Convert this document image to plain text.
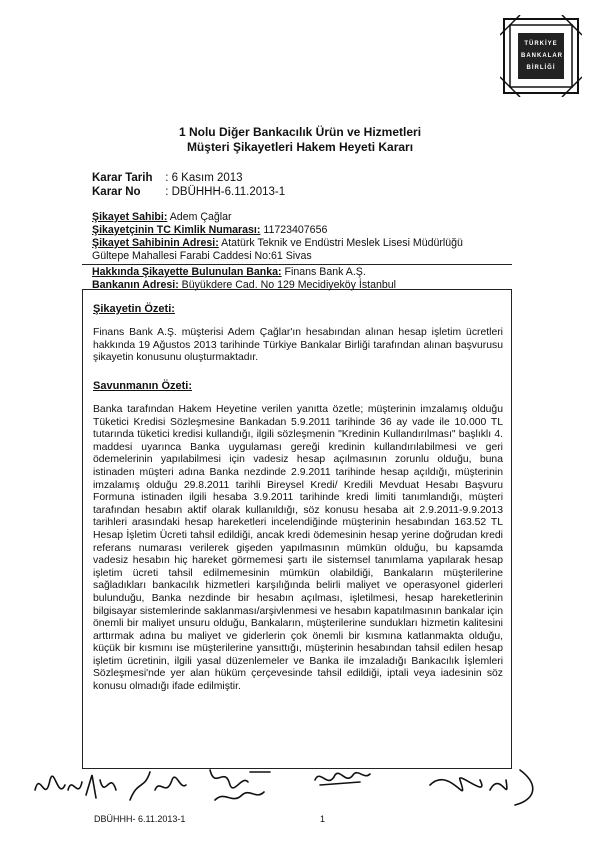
TÜRKİYE
BANKALAR
BİRLİĞİ
1 Nolu Diğer Bankacılık Ürün ve Hizmetleri
Müşteri Şikayetleri Hakem Heyeti Kararı
Karar Tarih : 6 Kasım 2013
Karar No : DBÜHHH-6.11.2013-1
Şikayet Sahibi: Adem Çağlar
Şikayetçinin TC Kimlik Numarası: 11723407656
Şikayet Sahibinin Adresi: Atatürk Teknik ve Endüstri Meslek Lisesi Müdürlüğü
Gültepe Mahallesi Farabi Caddesi No:61 Sivas
Hakkında Şikayette Bulunulan Banka: Finans Bank A.Ş.
Bankanın Adresi: Büyükdere Cad. No 129 Mecidiyeköy İstanbul
Şikayetin Özeti:
Finans Bank A.Ş. müşterisi Adem Çağlar'ın hesabından alınan hesap işletim ücretleri hakkında 19 Ağustos 2013 tarihinde Türkiye Bankalar Birliği tarafından alınan başvurusu şikayetin konusunu oluşturmaktadır.
Savunmanın Özeti:
Banka tarafından Hakem Heyetine verilen yanıtta özetle; müşterinin imzalamış olduğu Tüketici Kredisi Sözleşmesine Bankadan 5.9.2011 tarihinde 36 ay vade ile 10.000 TL tutarında tüketici kredisi kullandığı, ilgili sözleşmenin "Kredinin Kullandırılması" başlıklı 4. maddesi uyarınca Banka uygulaması gereği kredinin kullandırılabilmesi ve geri ödemelerinin yapılabilmesi için vadesiz hesap açılmasının zorunlu olduğu, buna istinaden müşteri adına Banka nezdinde 2.9.2011 tarihinde hesap açıldığı, müşterinin imzalamış olduğu 29.8.2011 tarihli Bireysel Kredi/ Kredili Mevduat Hesabı Başvuru Formuna istinaden ilgili hesaba 3.9.2011 tarihinde kredi limiti tanımlandığı, müşteri tarafından hesabın aktif olarak kullanıldığı, söz konusu hesaba ait 2.9.2011-9.9.2013 tarihleri arasındaki hesap hareketleri incelendiğinde müşterinin hesabından 163.52 TL Hesap İşletim Ücreti tahsil edildiği, ancak kredi ödemesinin hesap yerine doğrudan kredi referans numarası verilerek gişeden yapılmasının mümkün olduğu, bu kapsamda vadesiz hesabın hiç hareket görmemesi şartı ile sistemsel tanımlama yapılarak hesap işletim ücreti tahsil edilmemesinin mümkün olabildiği, Bankaların müşterilerine sağladıkları bankacılık hizmetleri karşılığında belirli maliyet ve operasyonel giderleri bulunduğu, Banka nezdinde bir hesabın açılması, işletilmesi, hesap hareketlerinin bilgisayar sistemlerinde saklanması/arşivlenmesi ve hesabın kapatılmasının bankalar için önemli bir maliyet unsuru olduğu, Bankaların, müşterilerine sundukları hizmetin kalitesini arttırmak adına bu maliyet ve giderlerin çok önemli bir kısmına katlanmakta olduğu, küçük bir kısmını ise müşterilerine yansıttığı, müşterinin hesabından tahsil edilen hesap işletim ücretinin, ilgili yasal düzenlemeler ve Banka ile imzaladığı Bankacılık İşlemleri Sözleşmesi'nde yer alan hüküm çerçevesinde tahsil edildiği, iptali veya iadesinin söz konusu olmadığı ifade edilmiştir.
DBÜHHH- 6.11.2013-1	1
